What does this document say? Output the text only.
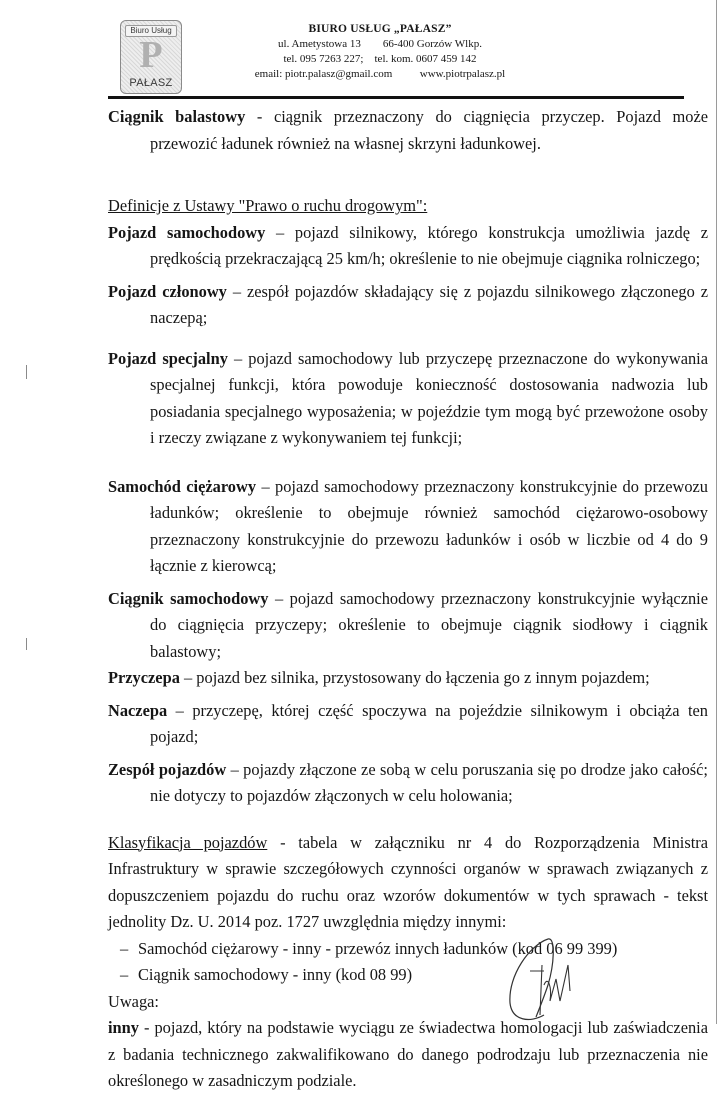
Biuro Usług
P
PAŁASZ
BIURO USŁUG „PAŁASZ”
ul. Ametystowa 13 66-400 Gorzów Wlkp.
tel. 095 7263 227; tel. kom. 0607 459 142
email: piotr.palasz@gmail.com	www.piotrpalasz.pl

Ciągnik balastowy - ciągnik przeznaczony do ciągnięcia przyczep. Pojazd może przewozić ładunek również na własnej skrzyni ładunkowej.

Definicje z Ustawy "Prawo o ruchu drogowym":

Pojazd samochodowy – pojazd silnikowy, którego konstrukcja umożliwia jazdę z prędkością przekraczającą 25 km/h; określenie to nie obejmuje ciągnika rolniczego;

Pojazd członowy – zespół pojazdów składający się z pojazdu silnikowego złączonego z naczepą;

Pojazd specjalny – pojazd samochodowy lub przyczepę przeznaczone do wykonywania specjalnej funkcji, która powoduje konieczność dostosowania nadwozia lub posiadania specjalnego wyposażenia; w pojeździe tym mogą być przewożone osoby i rzeczy związane z wykonywaniem tej funkcji;

Samochód ciężarowy – pojazd samochodowy przeznaczony konstrukcyjnie do przewozu ładunków; określenie to obejmuje również samochód ciężarowo-osobowy przeznaczony konstrukcyjnie do przewozu ładunków i osób w liczbie od 4 do 9 łącznie z kierowcą;

Ciągnik samochodowy – pojazd samochodowy przeznaczony konstrukcyjnie wyłącznie do ciągnięcia przyczepy; określenie to obejmuje ciągnik siodłowy i ciągnik balastowy;

Przyczepa – pojazd bez silnika, przystosowany do łączenia go z innym pojazdem;

Naczepa – przyczepę, której część spoczywa na pojeździe silnikowym i obciąża ten pojazd;

Zespół pojazdów – pojazdy złączone ze sobą w celu poruszania się po drodze jako całość; nie dotyczy to pojazdów złączonych w celu holowania;

Klasyfikacja pojazdów - tabela w załączniku nr 4 do Rozporządzenia Ministra Infrastruktury w sprawie szczegółowych czynności organów w sprawach związanych z dopuszczeniem pojazdu do ruchu oraz wzorów dokumentów w tych sprawach - tekst jednolity Dz. U. 2014 poz. 1727 uwzględnia między innymi:

– Samochód ciężarowy - inny - przewóz innych ładunków (kod 06 99 399)
– Ciągnik samochodowy - inny (kod 08 99)

Uwaga:

inny - pojazd, który na podstawie wyciągu ze świadectwa homologacji lub zaświadczenia z badania technicznego zakwalifikowano do danego podrodzaju lub przeznaczenia nie określonego w zasadniczym podziale.
